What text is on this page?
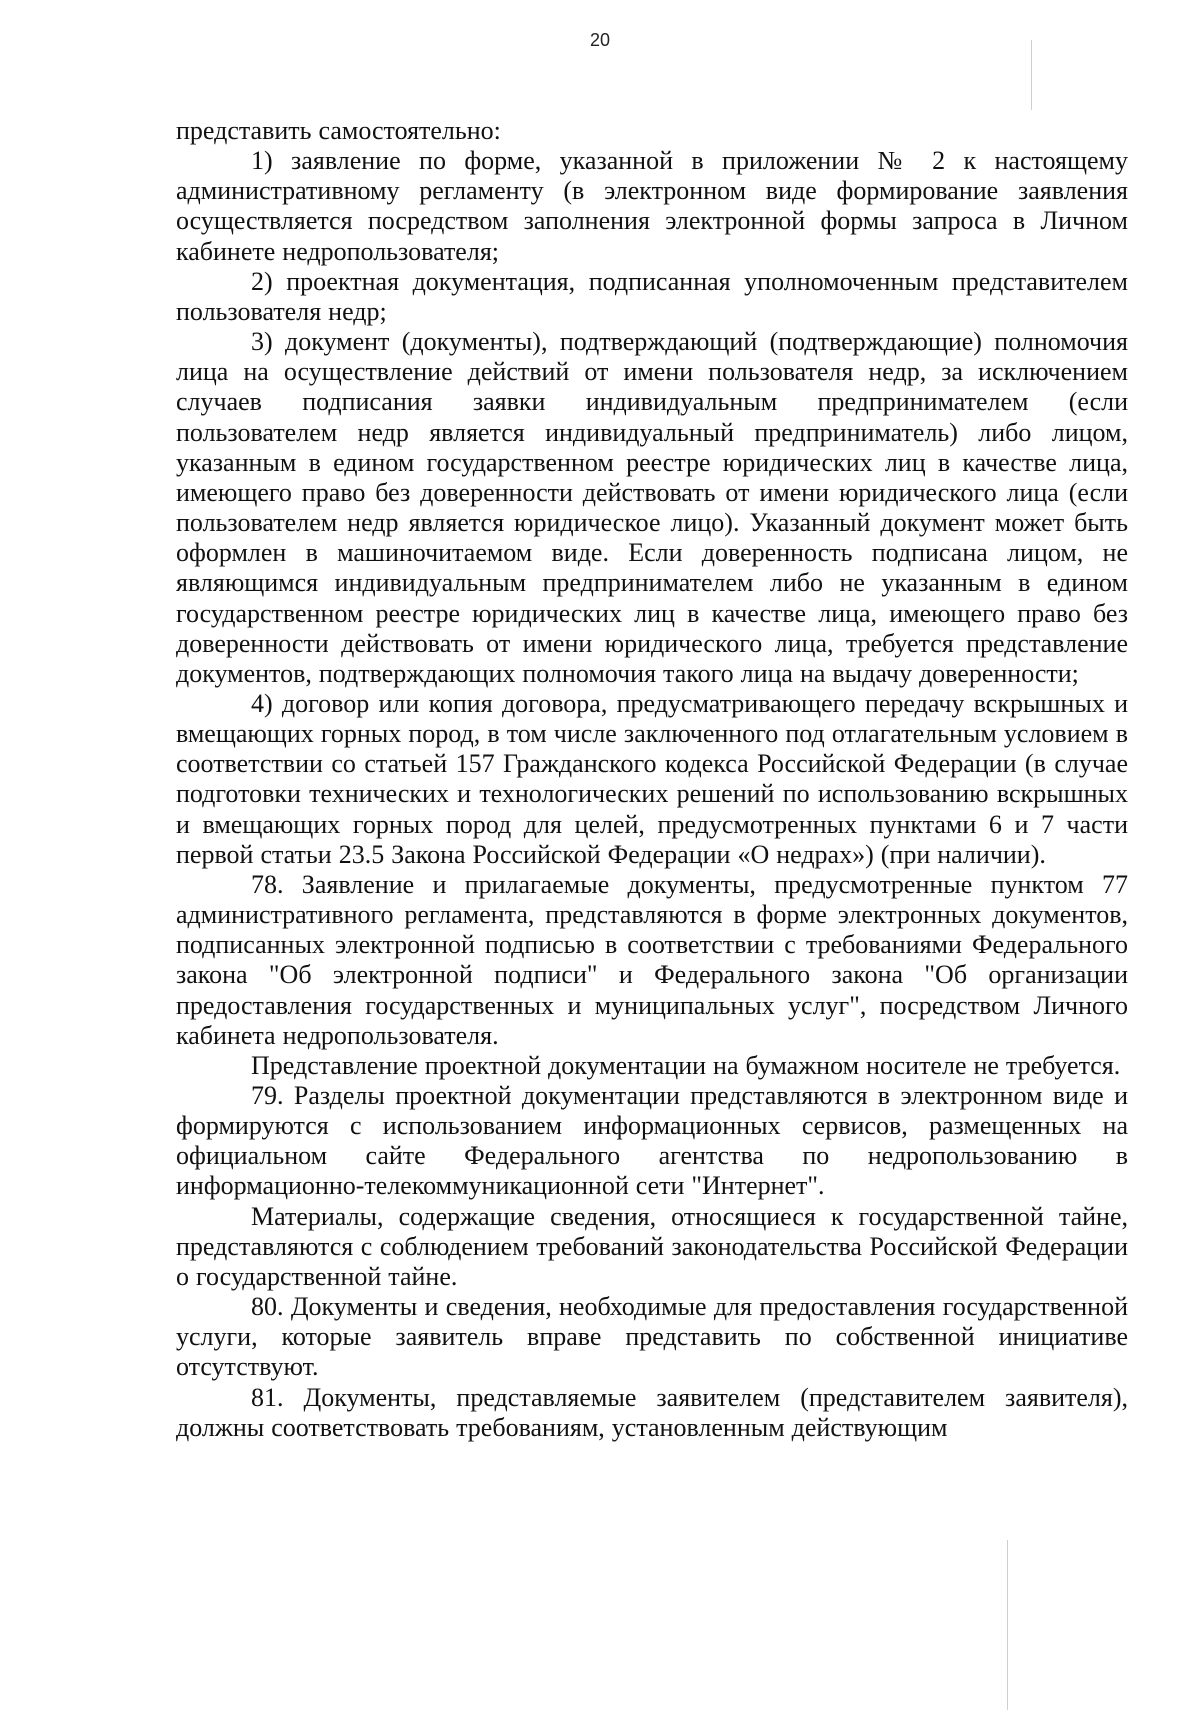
20

представить самостоятельно:

1) заявление по форме, указанной в приложении № 2 к настоящему административному регламенту (в электронном виде формирование заявления осуществляется посредством заполнения электронной формы запроса в Личном кабинете недропользователя;

2) проектная документация, подписанная уполномоченным представителем пользователя недр;

3) документ (документы), подтверждающий (подтверждающие) полномочия лица на осуществление действий от имени пользователя недр, за исключением случаев подписания заявки индивидуальным предпринимателем (если пользователем недр является индивидуальный предприниматель) либо лицом, указанным в едином государственном реестре юридических лиц в качестве лица, имеющего право без доверенности действовать от имени юридического лица (если пользователем недр является юридическое лицо). Указанный документ может быть оформлен в машиночитаемом виде. Если доверенность подписана лицом, не являющимся индивидуальным предпринимателем либо не указанным в едином государственном реестре юридических лиц в качестве лица, имеющего право без доверенности действовать от имени юридического лица, требуется представление документов, подтверждающих полномочия такого лица на выдачу доверенности;

4) договор или копия договора, предусматривающего передачу вскрышных и вмещающих горных пород, в том числе заключенного под отлагательным условием в соответствии со статьей 157 Гражданского кодекса Российской Федерации (в случае подготовки технических и технологических решений по использованию вскрышных и вмещающих горных пород для целей, предусмотренных пунктами 6 и 7 части первой статьи 23.5 Закона Российской Федерации «О недрах») (при наличии).

78. Заявление и прилагаемые документы, предусмотренные пунктом 77 административного регламента, представляются в форме электронных документов, подписанных электронной подписью в соответствии с требованиями Федерального закона "Об электронной подписи" и Федерального закона "Об организации предоставления государственных и муниципальных услуг", посредством Личного кабинета недропользователя.

Представление проектной документации на бумажном носителе не требуется.

79. Разделы проектной документации представляются в электронном виде и формируются с использованием информационных сервисов, размещенных на официальном сайте Федерального агентства по недропользованию в информационно-телекоммуникационной сети "Интернет".

Материалы, содержащие сведения, относящиеся к государственной тайне, представляются с соблюдением требований законодательства Российской Федерации о государственной тайне.

80. Документы и сведения, необходимые для предоставления государственной услуги, которые заявитель вправе представить по собственной инициативе отсутствуют.

81. Документы, представляемые заявителем (представителем заявителя), должны соответствовать требованиям, установленным действующим
